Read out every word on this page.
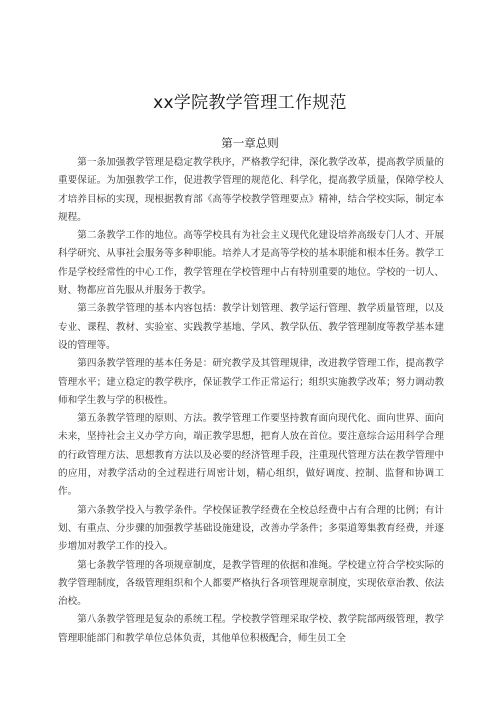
xx学院教学管理工作规范
第一章总则

第一条加强教学管理是稳定教学秩序，严格教学纪律，深化教学改革，提高教学质量的重要保证。为加强教学工作，促进教学管理的规范化、科学化，提高教学质量，保障学校人才培养目标的实现，现根据教育部《高等学校教学管理要点》精神，结合学校实际，制定本规程。

第二条教学工作的地位。高等学校具有为社会主义现代化建设培养高级专门人才、开展科学研究、从事社会服务等多种职能。培养人才是高等学校的基本职能和根本任务。教学工作是学校经常性的中心工作，教学管理在学校管理中占有特别重要的地位。学校的一切人、财、物都应首先服从并服务于教学。

第三条教学管理的基本内容包括：教学计划管理、教学运行管理、教学质量管理，以及专业、课程、教材、实验室、实践教学基地、学风、教学队伍、教学管理制度等教学基本建设的管理等。

第四条教学管理的基本任务是：研究教学及其管理规律，改进教学管理工作，提高教学管理水平；建立稳定的教学秩序，保证教学工作正常运行；组织实施教学改革；努力调动教师和学生教与学的积极性。

第五条教学管理的原则、方法。教学管理工作要坚持教育面向现代化、面向世界、面向未来，坚持社会主义办学方向，端正教学思想，把育人放在首位。要注意综合运用科学合理的行政管理方法、思想教育方法以及必要的经济管理手段，注重现代管理方法在教学管理中的应用，对教学活动的全过程进行周密计划，精心组织，做好调度、控制、监督和协调工作。

第六条教学投入与教学条件。学校保证教学经费在全校总经费中占有合理的比例；有计划、有重点、分步骤的加强教学基础设施建设，改善办学条件；多渠道筹集教育经费，并逐步增加对教学工作的投入。

第七条教学管理的各项规章制度，是教学管理的依据和准绳。学校建立符合学校实际的教学管理制度，各级管理组织和个人都要严格执行各项管理规章制度，实现依章治教、依法治校。

第八条教学管理是复杂的系统工程。学校教学管理采取学校、教学院部两级管理，教学管理职能部门和教学单位总体负责，其他单位积极配合，师生员工全
